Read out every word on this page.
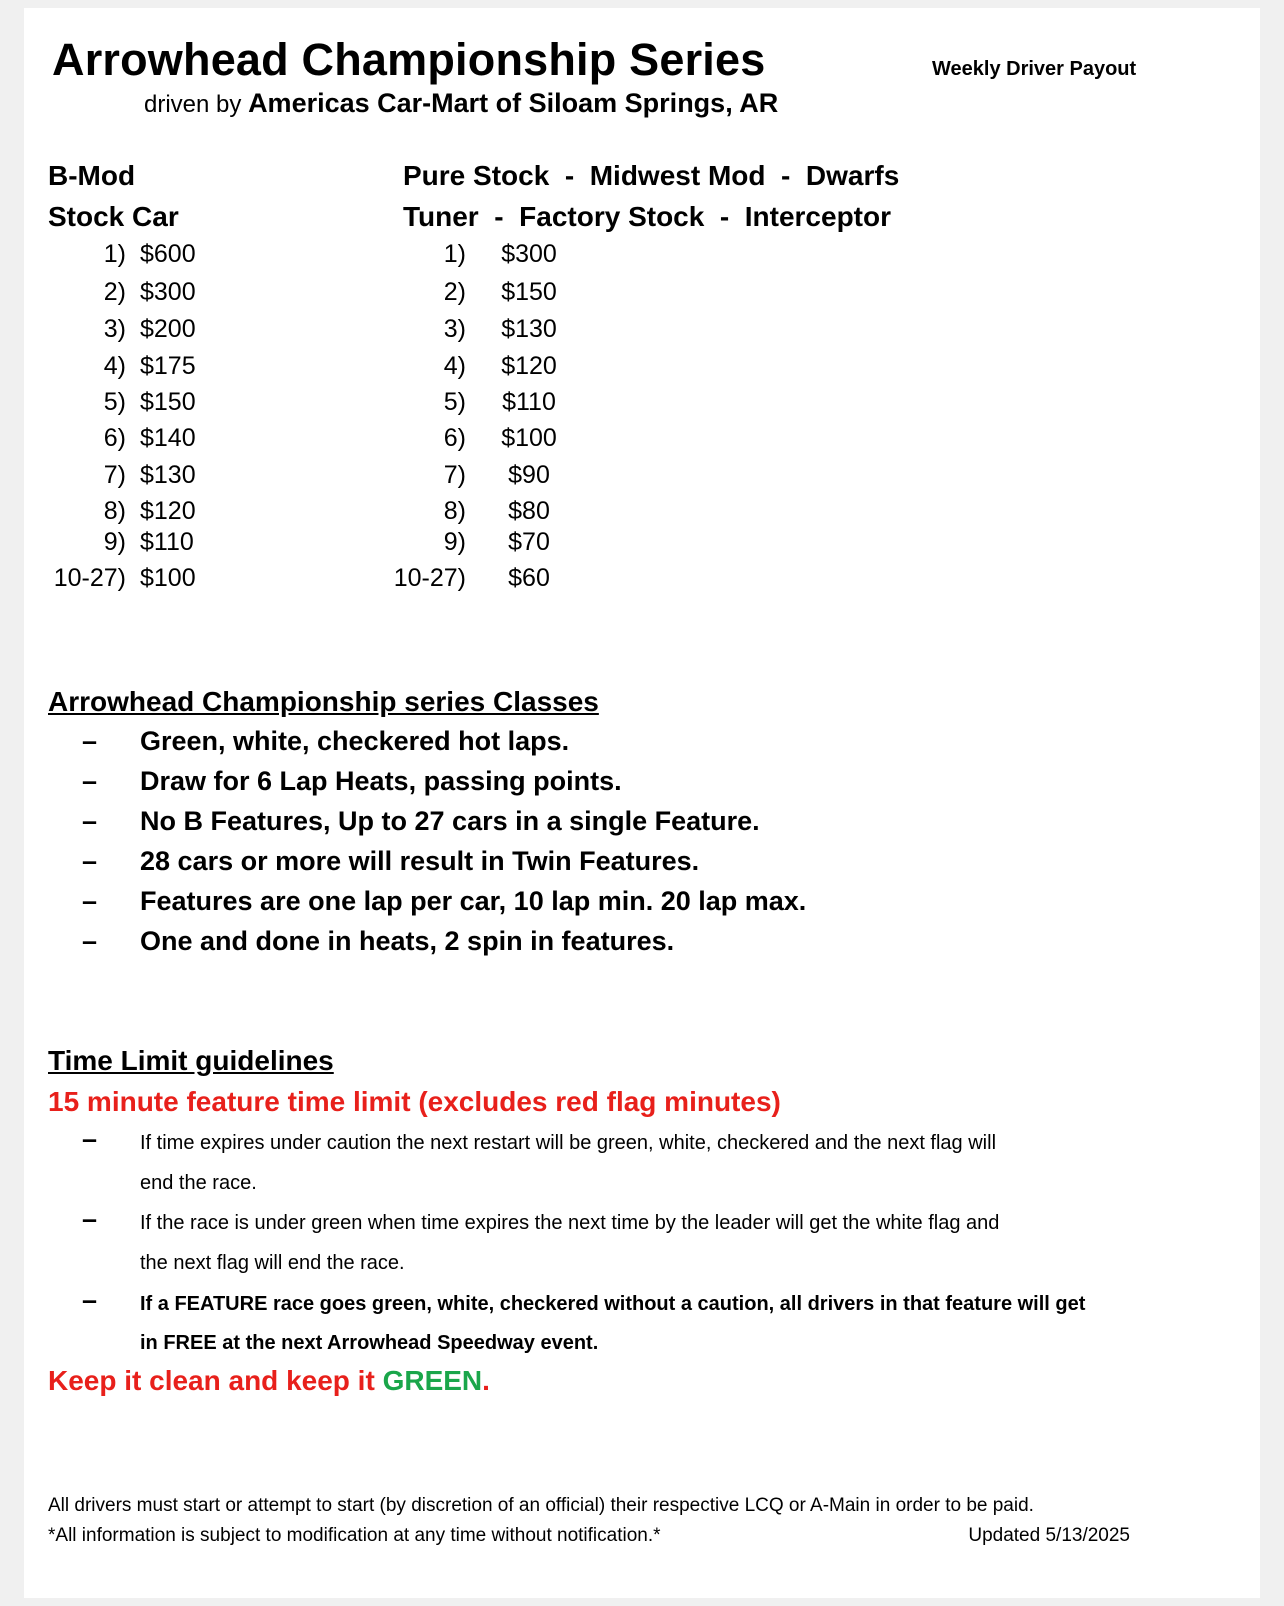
Arrowhead Championship Series	Weekly Driver Payout
driven by Americas Car-Mart of Siloam Springs, AR
B-Mod
Stock Car
Pure Stock  -  Midwest Mod  -  Dwarfs
Tuner  -  Factory Stock  -  Interceptor
1) $600
2) $300
3) $200
4) $175
5) $150
6) $140
7) $130
8) $120
9) $110
10-27) $100
1)	$300
2)	$150
3)	$130
4)	$120
5)	$110
6)	$100
7)	$90
8)	$80
9)	$70
10-27)	$60
Arrowhead Championship series Classes
– Green, white, checkered hot laps.
– Draw for 6 Lap Heats, passing points.
– No B Features, Up to 27 cars in a single Feature.
– 28 cars or more will result in Twin Features.
– Features are one lap per car, 10 lap min. 20 lap max.
– One and done in heats, 2 spin in features.
Time Limit guidelines
15 minute feature time limit (excludes red flag minutes)
– If time expires under caution the next restart will be green, white, checkered and the next flag will
end the race.
– If the race is under green when time expires the next time by the leader will get the white flag and
the next flag will end the race.
– If a FEATURE race goes green, white, checkered without a caution, all drivers in that feature will get
in FREE at the next Arrowhead Speedway event.
Keep it clean and keep it GREEN.
All drivers must start or attempt to start (by discretion of an official) their respective LCQ or A-Main in order to be paid.
*All information is subject to modification at any time without notification.*	Updated 5/13/2025
